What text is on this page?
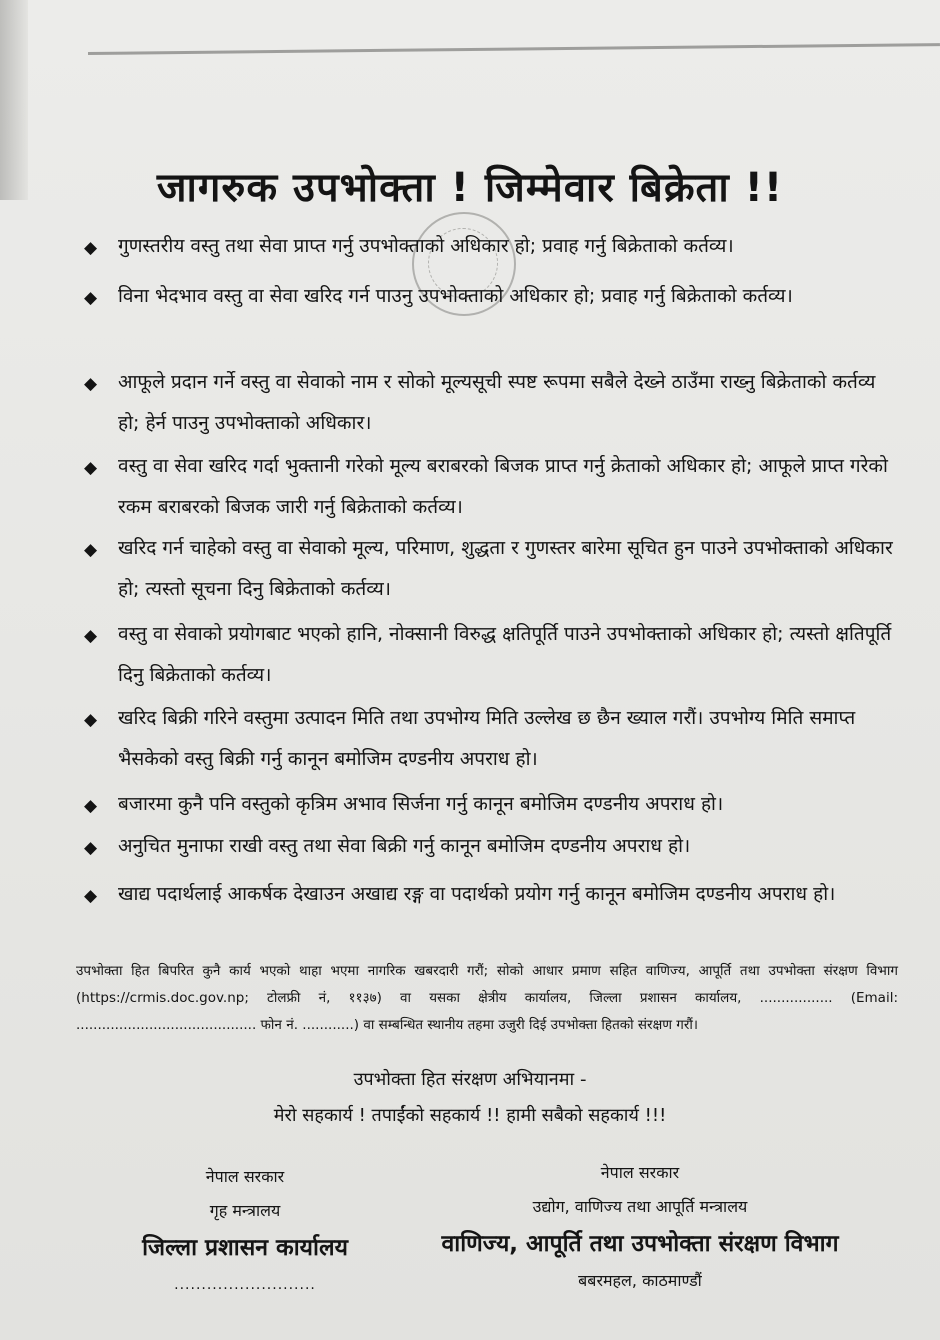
जागरुक उपभोक्ता ! जिम्मेवार बिक्रेता !!
◆ गुणस्तरीय वस्तु तथा सेवा प्राप्त गर्नु उपभोक्ताको अधिकार हो; प्रवाह गर्नु बिक्रेताको कर्तव्य।
◆ विना भेदभाव वस्तु वा सेवा खरिद गर्न पाउनु उपभोक्ताको अधिकार हो; प्रवाह गर्नु बिक्रेताको कर्तव्य।
◆ आफूले प्रदान गर्ने वस्तु वा सेवाको नाम र सोको मूल्यसूची स्पष्ट रूपमा सबैले देख्ने ठाउँमा राख्नु बिक्रेताको कर्तव्य हो; हेर्न पाउनु उपभोक्ताको अधिकार।
◆ वस्तु वा सेवा खरिद गर्दा भुक्तानी गरेको मूल्य बराबरको बिजक प्राप्त गर्नु क्रेताको अधिकार हो; आफूले प्राप्त गरेको रकम बराबरको बिजक जारी गर्नु बिक्रेताको कर्तव्य।
◆ खरिद गर्न चाहेको वस्तु वा सेवाको मूल्य, परिमाण, शुद्धता र गुणस्तर बारेमा सूचित हुन पाउने उपभोक्ताको अधिकार हो; त्यस्तो सूचना दिनु बिक्रेताको कर्तव्य।
◆ वस्तु वा सेवाको प्रयोगबाट भएको हानि, नोक्सानी विरुद्ध क्षतिपूर्ति पाउने उपभोक्ताको अधिकार हो; त्यस्तो क्षतिपूर्ति दिनु बिक्रेताको कर्तव्य।
◆ खरिद बिक्री गरिने वस्तुमा उत्पादन मिति तथा उपभोग्य मिति उल्लेख छ छैन ख्याल गरौं। उपभोग्य मिति समाप्त भैसकेको वस्तु बिक्री गर्नु कानून बमोजिम दण्डनीय अपराध हो।
◆ बजारमा कुनै पनि वस्तुको कृत्रिम अभाव सिर्जना गर्नु कानून बमोजिम दण्डनीय अपराध हो।
◆ अनुचित मुनाफा राखी वस्तु तथा सेवा बिक्री गर्नु कानून बमोजिम दण्डनीय अपराध हो।
◆ खाद्य पदार्थलाई आकर्षक देखाउन अखाद्य रङ्ग वा पदार्थको प्रयोग गर्नु कानून बमोजिम दण्डनीय अपराध हो।
उपभोक्ता हित बिपरित कुनै कार्य भएको थाहा भएमा नागरिक खबरदारी गरौं; सोको आधार प्रमाण सहित वाणिज्य, आपूर्ति तथा उपभोक्ता संरक्षण विभाग (https://crmis.doc.gov.np; टोलफ्री नं, ११३७) वा यसका क्षेत्रीय कार्यालय, जिल्ला प्रशासन कार्यालय, ................. (Email: .......................................... फोन नं. ............) वा सम्बन्धित स्थानीय तहमा उजुरी दिई उपभोक्ता हितको संरक्षण गरौं।
उपभोक्ता हित संरक्षण अभियानमा -
मेरो सहकार्य ! तपाईंको सहकार्य !! हामी सबैको सहकार्य !!!
नेपाल सरकार
गृह मन्त्रालय
जिल्ला प्रशासन कार्यालय
..........................
नेपाल सरकार
उद्योग, वाणिज्य तथा आपूर्ति मन्त्रालय
वाणिज्य, आपूर्ति तथा उपभोक्ता संरक्षण विभाग
बबरमहल, काठमाण्डौं
